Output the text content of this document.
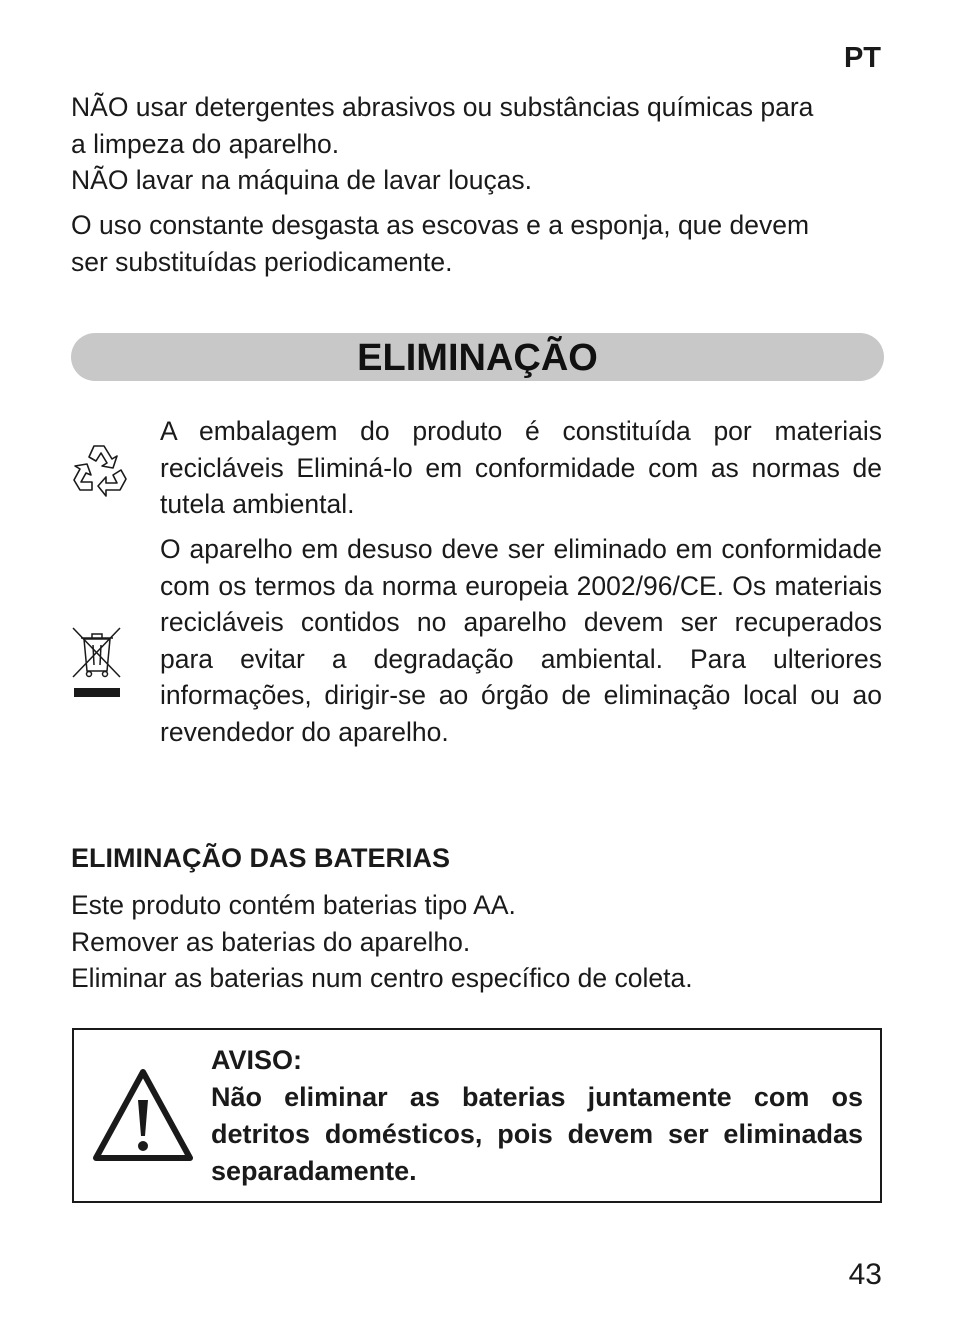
PT

NÃO usar detergentes abrasivos ou substâncias químicas para
a limpeza do aparelho.
NÃO lavar na máquina de lavar louças.

O uso constante desgasta as escovas e a esponja, que devem
ser substituídas periodicamente.

ELIMINAÇÃO

A embalagem do produto é constituída por materiais recicláveis Eliminá-lo em conformidade com as normas de tutela ambiental.

O aparelho em desuso deve ser eliminado em conformidade com os termos da norma europeia 2002/96/CE. Os materiais recicláveis contidos no aparelho devem ser recuperados para evitar a degradação ambiental. Para ulteriores informações, dirigir-se ao órgão de eliminação local ou ao revendedor do aparelho.

ELIMINAÇÃO DAS BATERIAS

Este produto contém baterias tipo AA.
Remover as baterias do aparelho.
Eliminar as baterias num centro específico de coleta.

AVISO:

Não eliminar as baterias juntamente com os detritos domésticos, pois devem ser eliminadas separadamente.

43
